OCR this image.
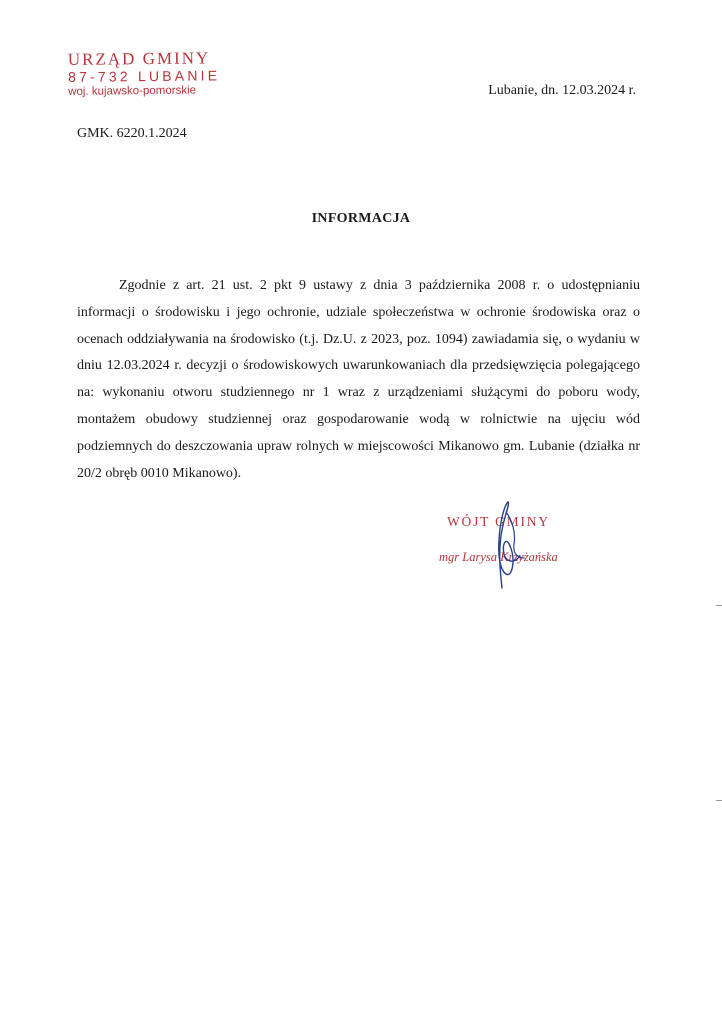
URZĄD GMINY
87-732 LUBANIE
woj. kujawsko-pomorskie	Lubanie, dn. 12.03.2024 r.
GMK. 6220.1.2024
INFORMACJA
Zgodnie z art. 21 ust. 2 pkt 9 ustawy z dnia 3 października 2008 r. o udostępnianiu informacji o środowisku i jego ochronie, udziale społeczeństwa w ochronie środowiska oraz o ocenach oddziaływania na środowisko (t.j. Dz.U. z 2023, poz. 1094) zawiadamia się, o wydaniu w dniu 12.03.2024 r. decyzji o środowiskowych uwarunkowaniach dla przedsięwzięcia polegającego na: wykonaniu otworu studziennego nr 1 wraz z urządzeniami służącymi do poboru wody, montażem obudowy studziennej oraz gospodarowanie wodą w rolnictwie na ujęciu wód podziemnych do deszczowania upraw rolnych w miejscowości Mikanowo gm. Lubanie (działka nr 20/2 obręb 0010 Mikanowo).
WÓJT GMINY
mgr Larysa Krzyżańska
